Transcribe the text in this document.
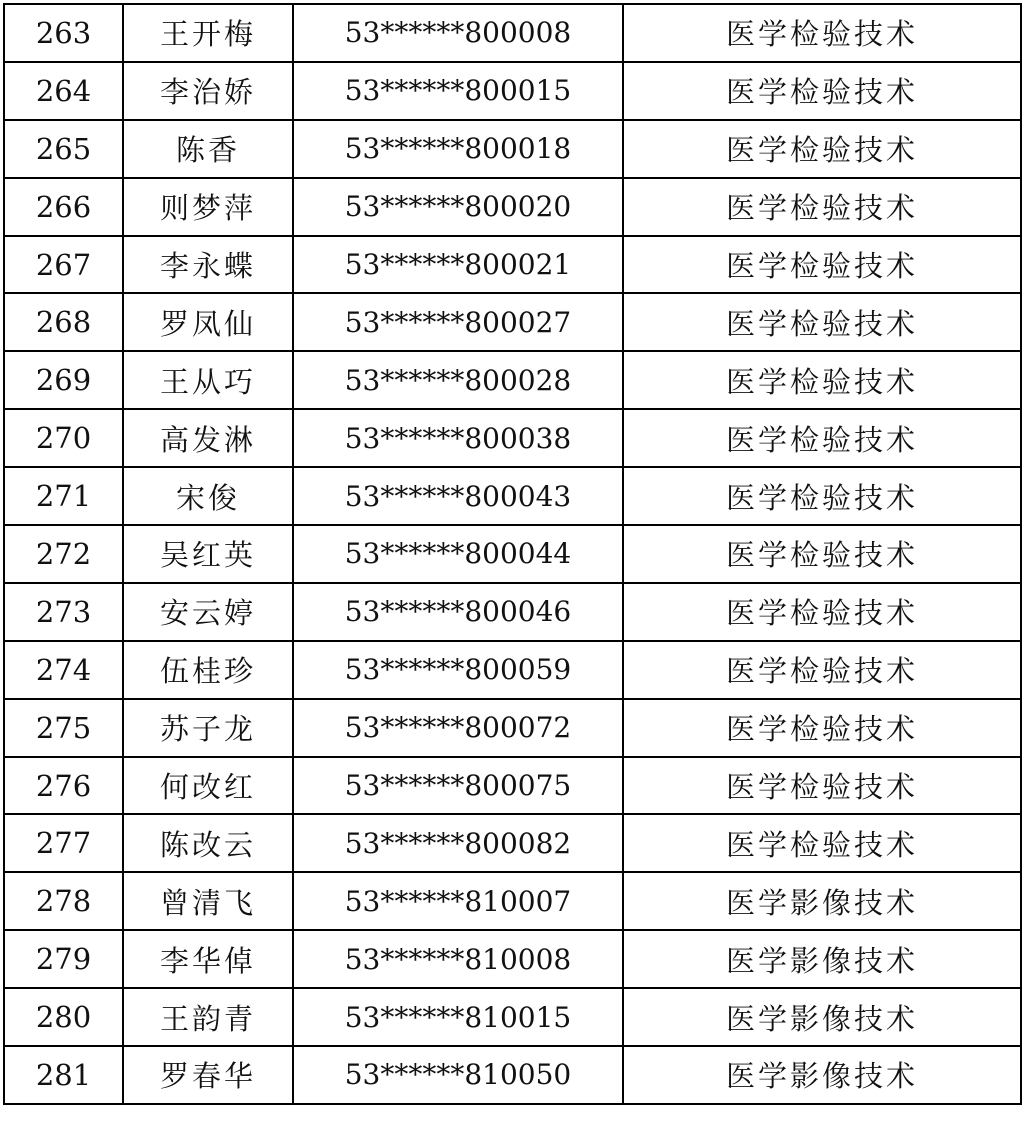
263	王开梅	53******800008	医学检验技术
264	李治娇	53******800015	医学检验技术
265	陈香	53******800018	医学检验技术
266	则梦萍	53******800020	医学检验技术
267	李永蝶	53******800021	医学检验技术
268	罗凤仙	53******800027	医学检验技术
269	王从巧	53******800028	医学检验技术
270	高发淋	53******800038	医学检验技术
271	宋俊	53******800043	医学检验技术
272	吴红英	53******800044	医学检验技术
273	安云婷	53******800046	医学检验技术
274	伍桂珍	53******800059	医学检验技术
275	苏子龙	53******800072	医学检验技术
276	何改红	53******800075	医学检验技术
277	陈改云	53******800082	医学检验技术
278	曾清飞	53******810007	医学影像技术
279	李华倬	53******810008	医学影像技术
280	王韵青	53******810015	医学影像技术
281	罗春华	53******810050	医学影像技术
